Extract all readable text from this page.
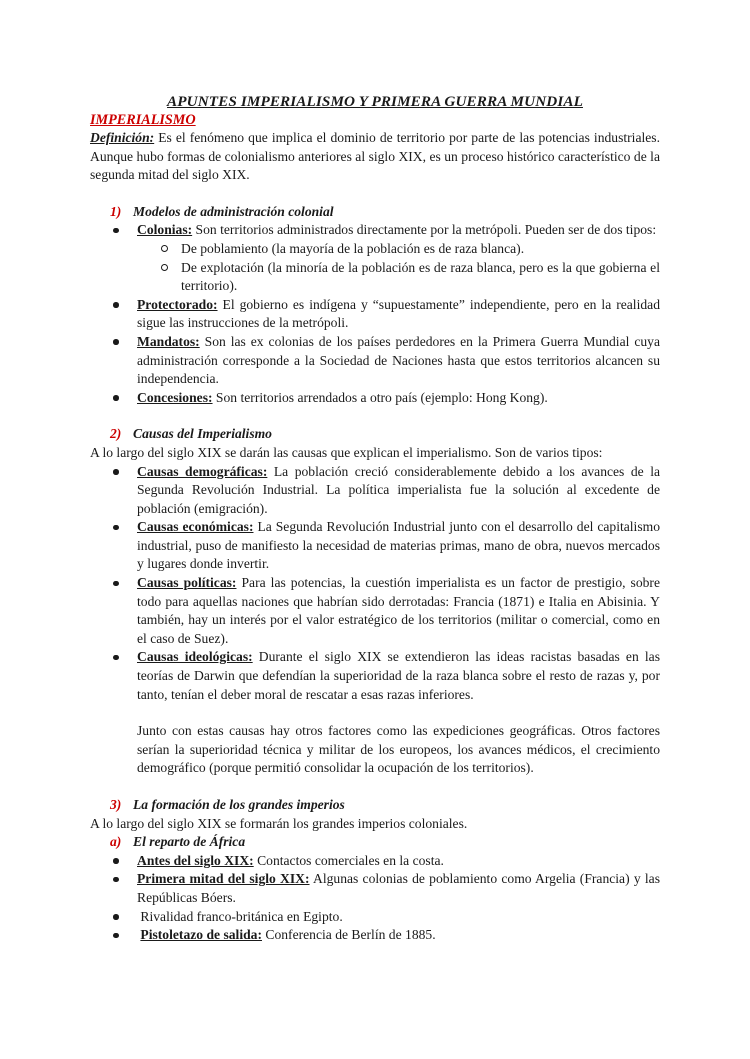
APUNTES IMPERIALISMO Y PRIMERA GUERRA MUNDIAL

IMPERIALISMO

Definición: Es el fenómeno que implica el dominio de territorio por parte de las potencias industriales. Aunque hubo formas de colonialismo anteriores al siglo XIX, es un proceso histórico característico de la segunda mitad del siglo XIX.

1) Modelos de administración colonial

Colonias: Son territorios administrados directamente por la metrópoli. Pueden ser de dos tipos:
De poblamiento (la mayoría de la población es de raza blanca).
De explotación (la minoría de la población es de raza blanca, pero es la que gobierna el territorio).
Protectorado: El gobierno es indígena y “supuestamente” independiente, pero en la realidad sigue las instrucciones de la metrópoli.
Mandatos: Son las ex colonias de los países perdedores en la Primera Guerra Mundial cuya administración corresponde a la Sociedad de Naciones hasta que estos territorios alcancen su independencia.
Concesiones: Son territorios arrendados a otro país (ejemplo: Hong Kong).

2) Causas del Imperialismo

A lo largo del siglo XIX se darán las causas que explican el imperialismo. Son de varios tipos:

Causas demográficas: La población creció considerablemente debido a los avances de la Segunda Revolución Industrial. La política imperialista fue la solución al excedente de población (emigración).
Causas económicas: La Segunda Revolución Industrial junto con el desarrollo del capitalismo industrial, puso de manifiesto la necesidad de materias primas, mano de obra, nuevos mercados y lugares donde invertir.
Causas políticas: Para las potencias, la cuestión imperialista es un factor de prestigio, sobre todo para aquellas naciones que habrían sido derrotadas: Francia (1871) e Italia en Abisinia. Y también, hay un interés por el valor estratégico de los territorios (militar o comercial, como en el caso de Suez).
Causas ideológicas: Durante el siglo XIX se extendieron las ideas racistas basadas en las teorías de Darwin que defendían la superioridad de la raza blanca sobre el resto de razas y, por tanto, tenían el deber moral de rescatar a esas razas inferiores.

Junto con estas causas hay otros factores como las expediciones geográficas. Otros factores serían la superioridad técnica y militar de los europeos, los avances médicos, el crecimiento demográfico (porque permitió consolidar la ocupación de los territorios).

3) La formación de los grandes imperios

A lo largo del siglo XIX se formarán los grandes imperios coloniales.

a) El reparto de África

Antes del siglo XIX: Contactos comerciales en la costa.
Primera mitad del siglo XIX: Algunas colonias de poblamiento como Argelia (Francia) y las Repúblicas Bóers.
Rivalidad franco-británica en Egipto.
Pistoletazo de salida: Conferencia de Berlín de 1885.
